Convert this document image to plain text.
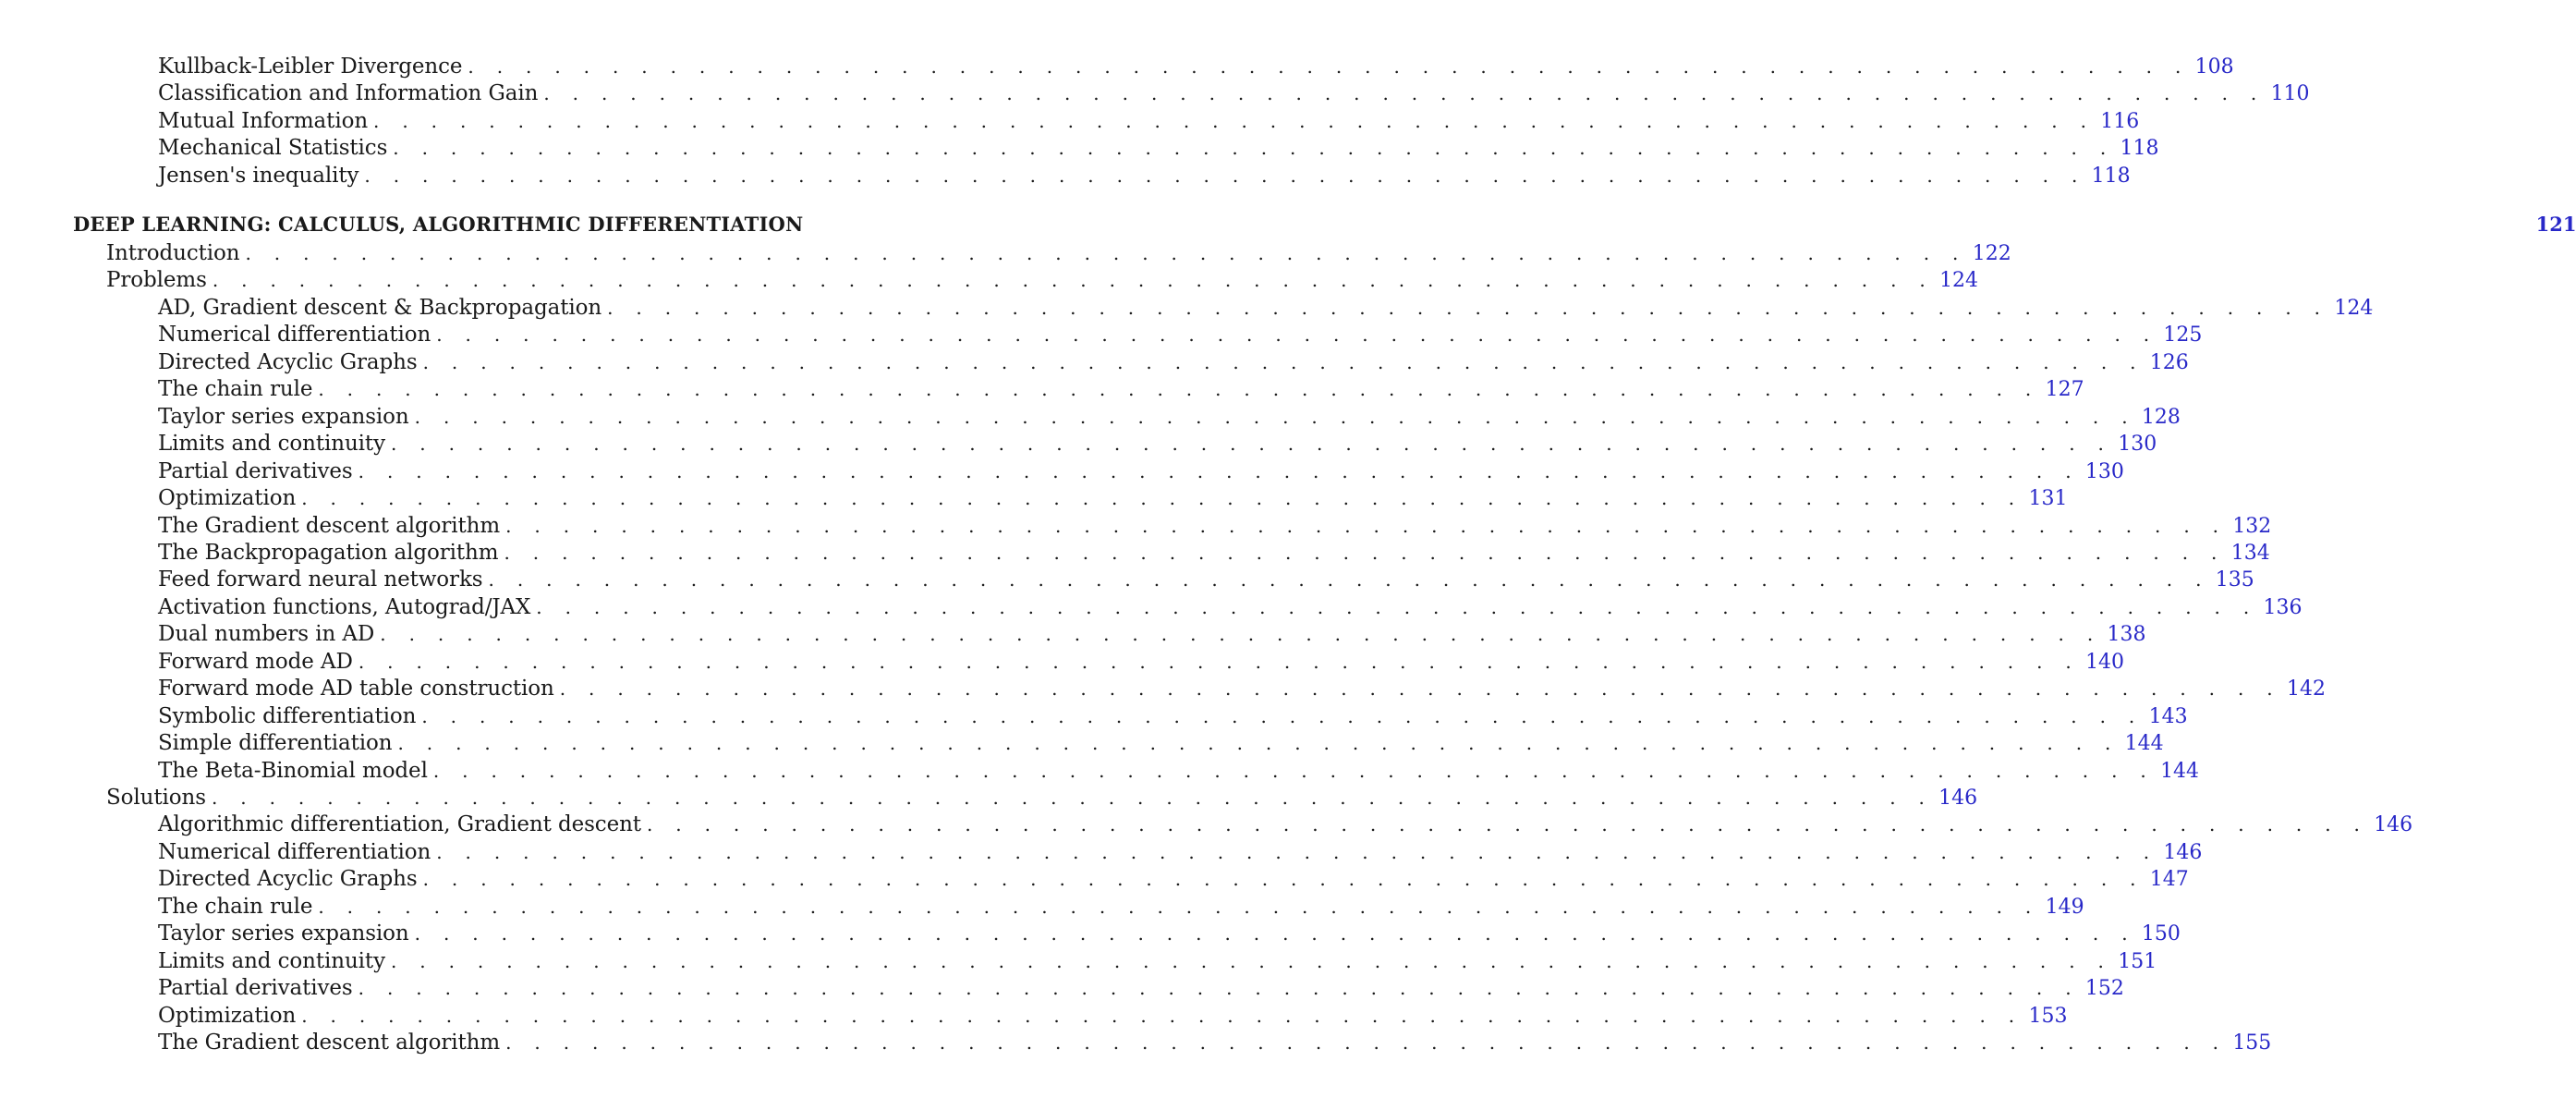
Kullback-Leibler Divergence . . . . . . . . . . . . . . . . . . . . . . . . . . . . . . . . . . . . . . . . . . . . . . . . . . . . . . . . . . . . 108
Classification and Information Gain . . . . . . . . . . . . . . . . . . . . . . . . . . . . . . . . . . . . . . . . . . . . . . . . . . . . . . . . . . . . 110
Mutual Information . . . . . . . . . . . . . . . . . . . . . . . . . . . . . . . . . . . . . . . . . . . . . . . . . . . . . . . . . . . . 116
Mechanical Statistics . . . . . . . . . . . . . . . . . . . . . . . . . . . . . . . . . . . . . . . . . . . . . . . . . . . . . . . . . . . . 118
Jensen's inequality . . . . . . . . . . . . . . . . . . . . . . . . . . . . . . . . . . . . . . . . . . . . . . . . . . . . . . . . . . . . 118
DEEP LEARNING: CALCULUS, ALGORITHMIC DIFFERENTIATION	121
Introduction . . . . . . . . . . . . . . . . . . . . . . . . . . . . . . . . . . . . . . . . . . . . . . . . . . . . . . . . . . . . 122
Problems . . . . . . . . . . . . . . . . . . . . . . . . . . . . . . . . . . . . . . . . . . . . . . . . . . . . . . . . . . . . 124
AD, Gradient descent & Backpropagation . . . . . . . . . . . . . . . . . . . . . . . . . . . . . . . . . . . . . . . . . . . . . . . . . . . . . . . . . . . . 124
Numerical differentiation . . . . . . . . . . . . . . . . . . . . . . . . . . . . . . . . . . . . . . . . . . . . . . . . . . . . . . . . . . . . 125
Directed Acyclic Graphs . . . . . . . . . . . . . . . . . . . . . . . . . . . . . . . . . . . . . . . . . . . . . . . . . . . . . . . . . . . . 126
The chain rule . . . . . . . . . . . . . . . . . . . . . . . . . . . . . . . . . . . . . . . . . . . . . . . . . . . . . . . . . . . . 127
Taylor series expansion . . . . . . . . . . . . . . . . . . . . . . . . . . . . . . . . . . . . . . . . . . . . . . . . . . . . . . . . . . . . 128
Limits and continuity . . . . . . . . . . . . . . . . . . . . . . . . . . . . . . . . . . . . . . . . . . . . . . . . . . . . . . . . . . . . 130
Partial derivatives . . . . . . . . . . . . . . . . . . . . . . . . . . . . . . . . . . . . . . . . . . . . . . . . . . . . . . . . . . . . 130
Optimization . . . . . . . . . . . . . . . . . . . . . . . . . . . . . . . . . . . . . . . . . . . . . . . . . . . . . . . . . . . . 131
The Gradient descent algorithm . . . . . . . . . . . . . . . . . . . . . . . . . . . . . . . . . . . . . . . . . . . . . . . . . . . . . . . . . . . . 132
The Backpropagation algorithm . . . . . . . . . . . . . . . . . . . . . . . . . . . . . . . . . . . . . . . . . . . . . . . . . . . . . . . . . . . . 134
Feed forward neural networks . . . . . . . . . . . . . . . . . . . . . . . . . . . . . . . . . . . . . . . . . . . . . . . . . . . . . . . . . . . . 135
Activation functions, Autograd/JAX . . . . . . . . . . . . . . . . . . . . . . . . . . . . . . . . . . . . . . . . . . . . . . . . . . . . . . . . . . . . 136
Dual numbers in AD . . . . . . . . . . . . . . . . . . . . . . . . . . . . . . . . . . . . . . . . . . . . . . . . . . . . . . . . . . . . 138
Forward mode AD . . . . . . . . . . . . . . . . . . . . . . . . . . . . . . . . . . . . . . . . . . . . . . . . . . . . . . . . . . . . 140
Forward mode AD table construction . . . . . . . . . . . . . . . . . . . . . . . . . . . . . . . . . . . . . . . . . . . . . . . . . . . . . . . . . . . . 142
Symbolic differentiation . . . . . . . . . . . . . . . . . . . . . . . . . . . . . . . . . . . . . . . . . . . . . . . . . . . . . . . . . . . . 143
Simple differentiation . . . . . . . . . . . . . . . . . . . . . . . . . . . . . . . . . . . . . . . . . . . . . . . . . . . . . . . . . . . . 144
The Beta-Binomial model . . . . . . . . . . . . . . . . . . . . . . . . . . . . . . . . . . . . . . . . . . . . . . . . . . . . . . . . . . . . 144
Solutions . . . . . . . . . . . . . . . . . . . . . . . . . . . . . . . . . . . . . . . . . . . . . . . . . . . . . . . . . . . . 146
Algorithmic differentiation, Gradient descent . . . . . . . . . . . . . . . . . . . . . . . . . . . . . . . . . . . . . . . . . . . . . . . . . . . . . . . . . . . . 146
Numerical differentiation . . . . . . . . . . . . . . . . . . . . . . . . . . . . . . . . . . . . . . . . . . . . . . . . . . . . . . . . . . . . 146
Directed Acyclic Graphs . . . . . . . . . . . . . . . . . . . . . . . . . . . . . . . . . . . . . . . . . . . . . . . . . . . . . . . . . . . . 147
The chain rule . . . . . . . . . . . . . . . . . . . . . . . . . . . . . . . . . . . . . . . . . . . . . . . . . . . . . . . . . . . . 149
Taylor series expansion . . . . . . . . . . . . . . . . . . . . . . . . . . . . . . . . . . . . . . . . . . . . . . . . . . . . . . . . . . . . 150
Limits and continuity . . . . . . . . . . . . . . . . . . . . . . . . . . . . . . . . . . . . . . . . . . . . . . . . . . . . . . . . . . . . 151
Partial derivatives . . . . . . . . . . . . . . . . . . . . . . . . . . . . . . . . . . . . . . . . . . . . . . . . . . . . . . . . . . . . 152
Optimization . . . . . . . . . . . . . . . . . . . . . . . . . . . . . . . . . . . . . . . . . . . . . . . . . . . . . . . . . . . . 153
The Gradient descent algorithm . . . . . . . . . . . . . . . . . . . . . . . . . . . . . . . . . . . . . . . . . . . . . . . . . . . . . . . . . . . . 155
